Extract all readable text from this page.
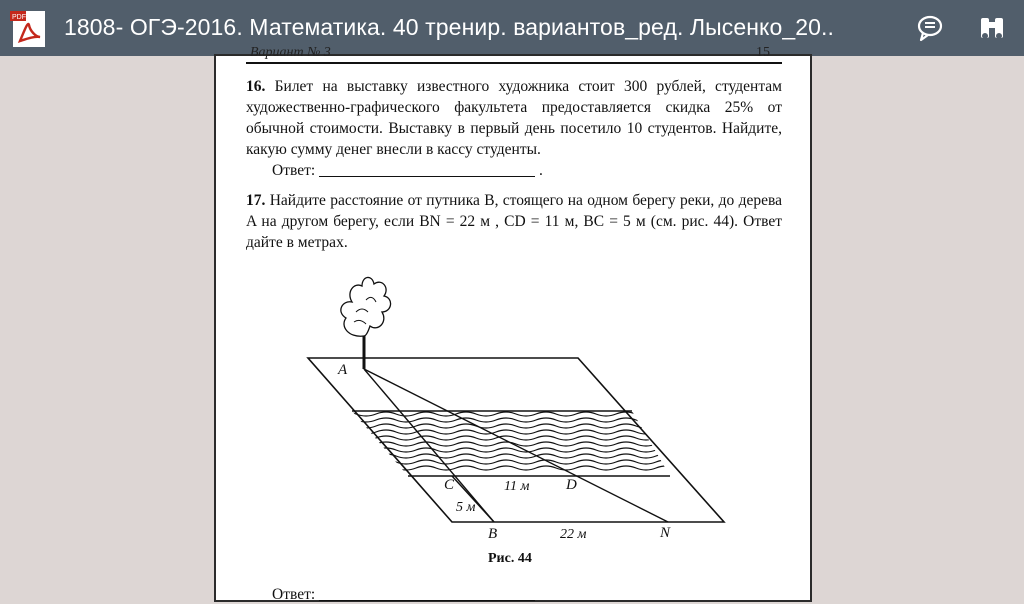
PDF 1808- ОГЭ-2016. Математика. 40 тренир. вариантов_ред. Лысенко_20..
Вариант № 3	15
16. Билет на выставку известного художника стоит 300 рублей, студентам художественно-графического факультета предоставляется скидка 25% от обычной стоимости. Выставку в первый день посетило 10 студентов. Найдите, какую сумму денег внесли в кассу студенты.
Ответ:	.
17. Найдите расстояние от путника B, стоящего на одном берегу реки, до дерева A на другом берегу, если BN = 22 м , CD = 11 м, BC = 5 м (см. рис. 44). Ответ дайте в метрах.
A
C	D
11 м
5 м
B	22 м	N
Рис. 44
Ответ:
